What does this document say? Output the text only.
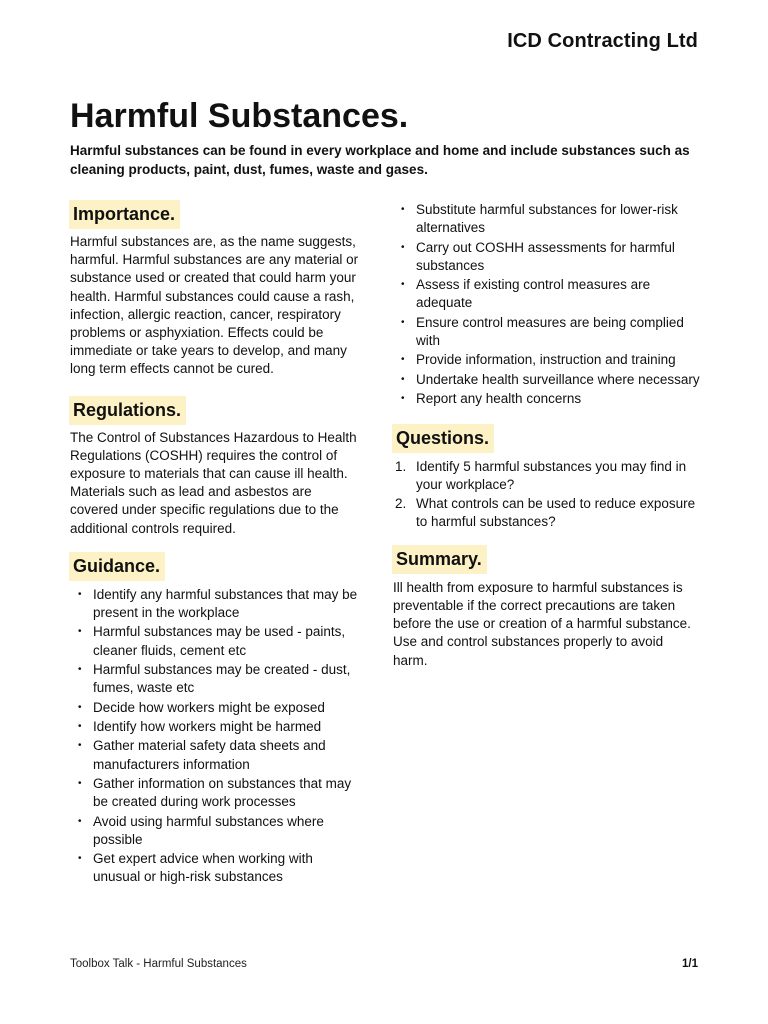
ICD Contracting Ltd
Harmful Substances.

Harmful substances can be found in every workplace and home and include substances such as cleaning products, paint, dust, fumes, waste and gases.

Importance.

Harmful substances are, as the name suggests, harmful. Harmful substances are any material or substance used or created that could harm your health. Harmful substances could cause a rash, infection, allergic reaction, cancer, respiratory problems or asphyxiation. Effects could be immediate or take years to develop, and many long term effects cannot be cured.

Regulations.

The Control of Substances Hazardous to Health Regulations (COSHH) requires the control of exposure to materials that can cause ill health. Materials such as lead and asbestos are covered under specific regulations due to the additional controls required.

Guidance.
• Identify any harmful substances that may be present in the workplace
• Harmful substances may be used - paints, cleaner fluids, cement etc
• Harmful substances may be created - dust, fumes, waste etc
• Decide how workers might be exposed
• Identify how workers might be harmed
• Gather material safety data sheets and manufacturers information
• Gather information on substances that may be created during work processes
• Avoid using harmful substances where possible
• Get expert advice when working with unusual or high-risk substances
• Substitute harmful substances for lower-risk alternatives
• Carry out COSHH assessments for harmful substances
• Assess if existing control measures are adequate
• Ensure control measures are being complied with
• Provide information, instruction and training
• Undertake health surveillance where necessary
• Report any health concerns
Questions.
1. Identify 5 harmful substances you may find in your workplace?
2. What controls can be used to reduce exposure to harmful substances?
Summary.

Ill health from exposure to harmful substances is preventable if the correct precautions are taken before the use or creation of a harmful substance. Use and control substances properly to avoid harm.

Toolbox Talk - Harmful Substances	1/1
